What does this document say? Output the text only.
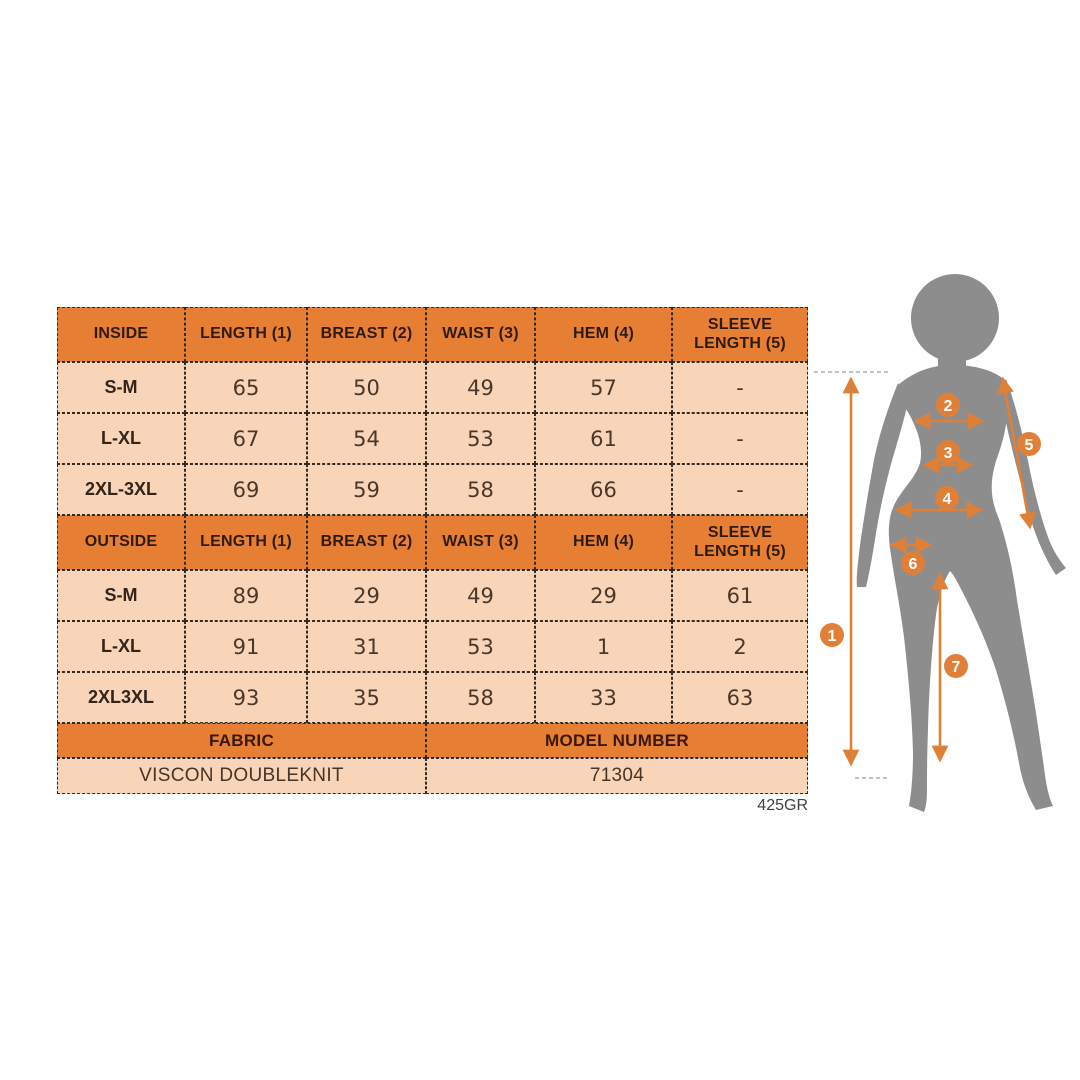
INSIDE	LENGTH (1)	BREAST (2)	WAIST (3)	HEM (4)	SLEEVE LENGTH (5)

S-M	65	50	49	57	-
L-XL	67	54	53	61	-
2XL-3XL	69	59	58	66	-
OUTSIDE	LENGTH (1)	BREAST (2)	WAIST (3)	HEM (4)	SLEEVE LENGTH (5)

S-M	89	29	49	29	61
L-XL	91	31	53	1	2
2XL3XL	93	35	58	33	63
FABRIC			MODEL NUMBER		
VISCON DOUBLEKNIT			71304		
425GR
1
2
3
4
5
6
7
